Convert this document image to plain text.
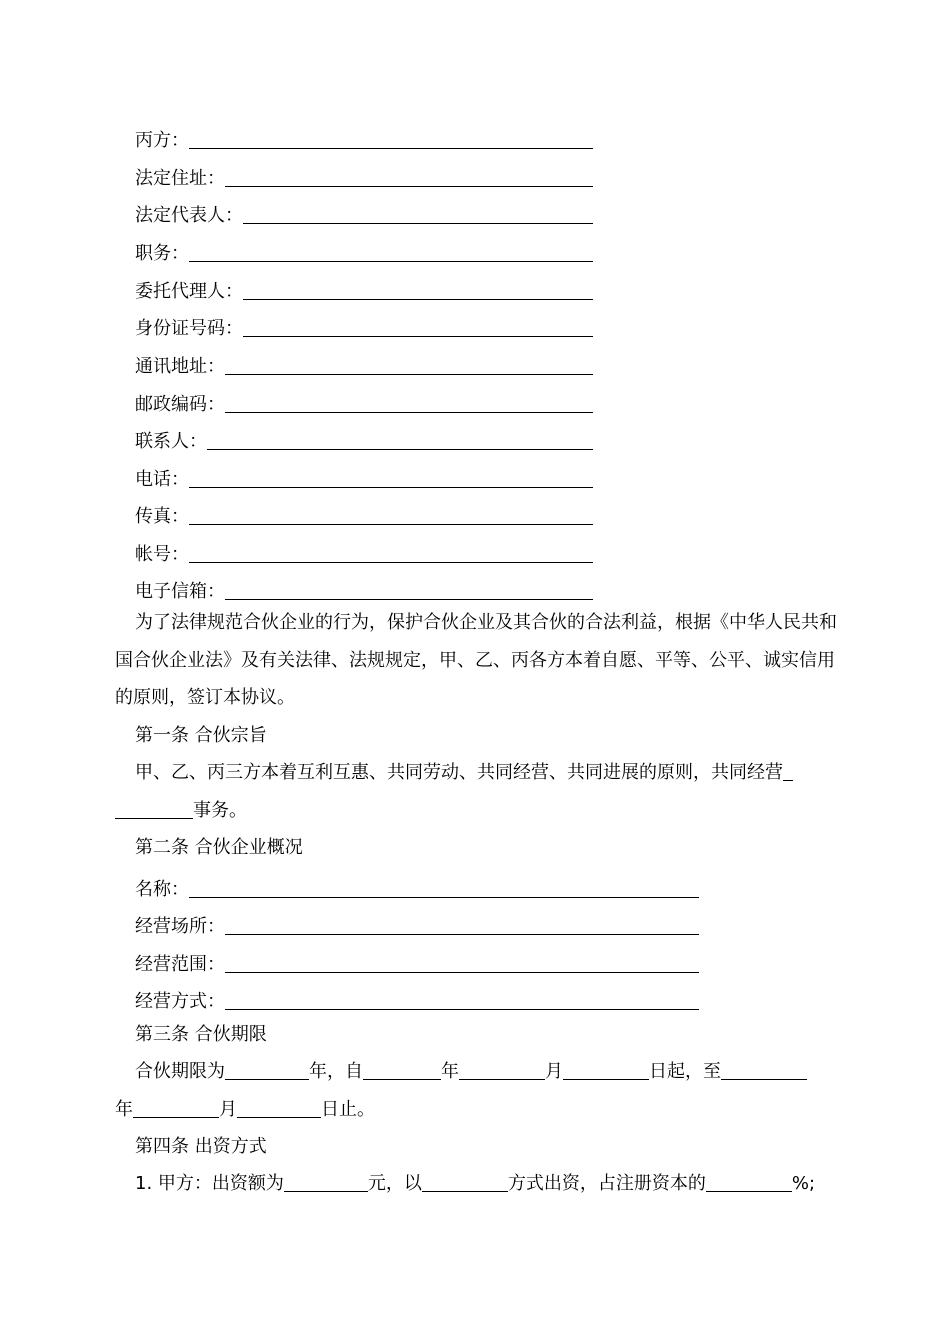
丙方：
法定住址：
法定代表人：
职务：
委托代理人：
身份证号码：
通讯地址：
邮政编码：
联系人：
电话：
传真：
帐号：
电子信箱：
为了法律规范合伙企业的行为，保护合伙企业及其合伙的合法利益，根据《中华人民共和国合伙企业法》及有关法律、法规规定，甲、乙、丙各方本着自愿、平等、公平、诚实信用的原则，签订本协议。
第一条 合伙宗旨
甲、乙、丙三方本着互利互惠、共同劳动、共同经营、共同进展的原则，共同经营
事务。
第二条 合伙企业概况
名称：
经营场所：
经营范围：
经营方式：
第三条 合伙期限
合伙期限为	年，自	年	月	日起，至
年	月	日止。
第四条 出资方式
1. 甲方：出资额为	元，以	方式出资，占注册资本的	%;
